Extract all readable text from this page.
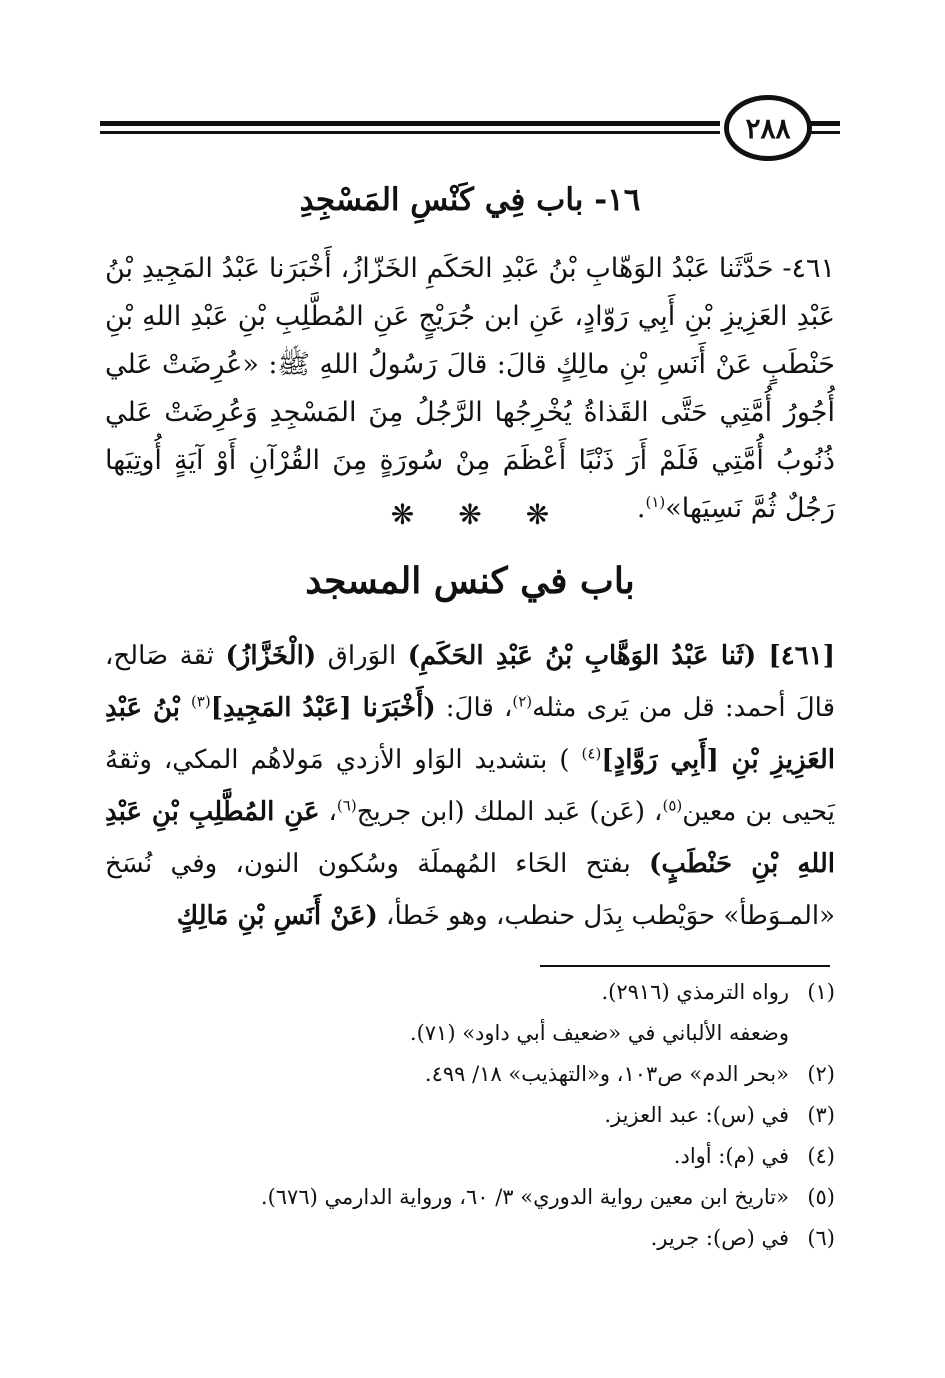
٢٨٨
١٦- باب فِي كَنْسِ المَسْجِدِ
٤٦١- حَدَّثَنا عَبْدُ الوَهّابِ بْنُ عَبْدِ الحَكَمِ الخَزّازُ، أَخْبَرَنا عَبْدُ المَجِيدِ بْنُ عَبْدِ العَزِيزِ بْنِ أَبِي رَوّادٍ، عَنِ ابن جُرَيْجٍ عَنِ المُطَّلِبِ بْنِ عَبْدِ اللهِ بْنِ حَنْطَبٍ عَنْ أَنَسِ بْنِ مالِكٍ قالَ: قالَ رَسُولُ اللهِ ﷺ: «عُرِضَتْ عَلي أُجُورُ أُمَّتِي حَتَّى القَذاةُ يُخْرِجُها الرَّجُلُ مِنَ المَسْجِدِ وَعُرِضَتْ عَلي ذُنُوبُ أُمَّتِي فَلَمْ أَرَ ذَنْبًا أَعْظَمَ مِنْ سُورَةٍ مِنَ القُرْآنِ أَوْ آيَةٍ أُوتِيَها رَجُلٌ ثُمَّ نَسِيَها»$^{(١)}$.
❋ ❋ ❋
باب في كنس المسجد
[٤٦١] (ثَنا عَبْدُ الوَهَّابِ بْنُ عَبْدِ الحَكَمِ) الوَراق (الْخَزَّازُ) ثقة صَالح، قالَ أحمد: قل من يَرى مثله$^{(٢)}$، قالَ: (أَخْبَرَنا [عَبْدُ المَجِيدِ]$^{(٣)}$ بْنُ عَبْدِ العَزِيزِ بْنِ [أَبِي رَوَّادٍ]$^{(٤)}$ ) بتشديد الوَاو الأزدي مَولاهُم المكي، وثقهُ يَحيى بن معين$^{(٥)}$، (عَن) عَبد الملك (ابن جريج$^{(٦)}$، عَنِ المُطَّلِبِ بْنِ عَبْدِ اللهِ بْنِ حَنْطَبٍ) بفتح الحَاء المُهملَة وسُكون النون، وفي نُسَخ «المـوَطأ» حوَيْطب بِدَل حنطب، وهو خَطأ، (عَنْ أَنَسِ بْنِ مَالِكٍ
(١)
رواه الترمذي (٢٩١٦).
وضعفه الألباني في «ضعيف أبي داود» (٧١).
(٢)
«بحر الدم» ص١٠٣، و«التهذيب» ١٨/ ٤٩٩.
(٣)
في (س): عبد العزيز.
(٤)
في (م): أواد.
(٥)
«تاريخ ابن معين رواية الدوري» ٣/ ٦٠، ورواية الدارمي (٦٧٦).
(٦)
في (ص): جرير.
